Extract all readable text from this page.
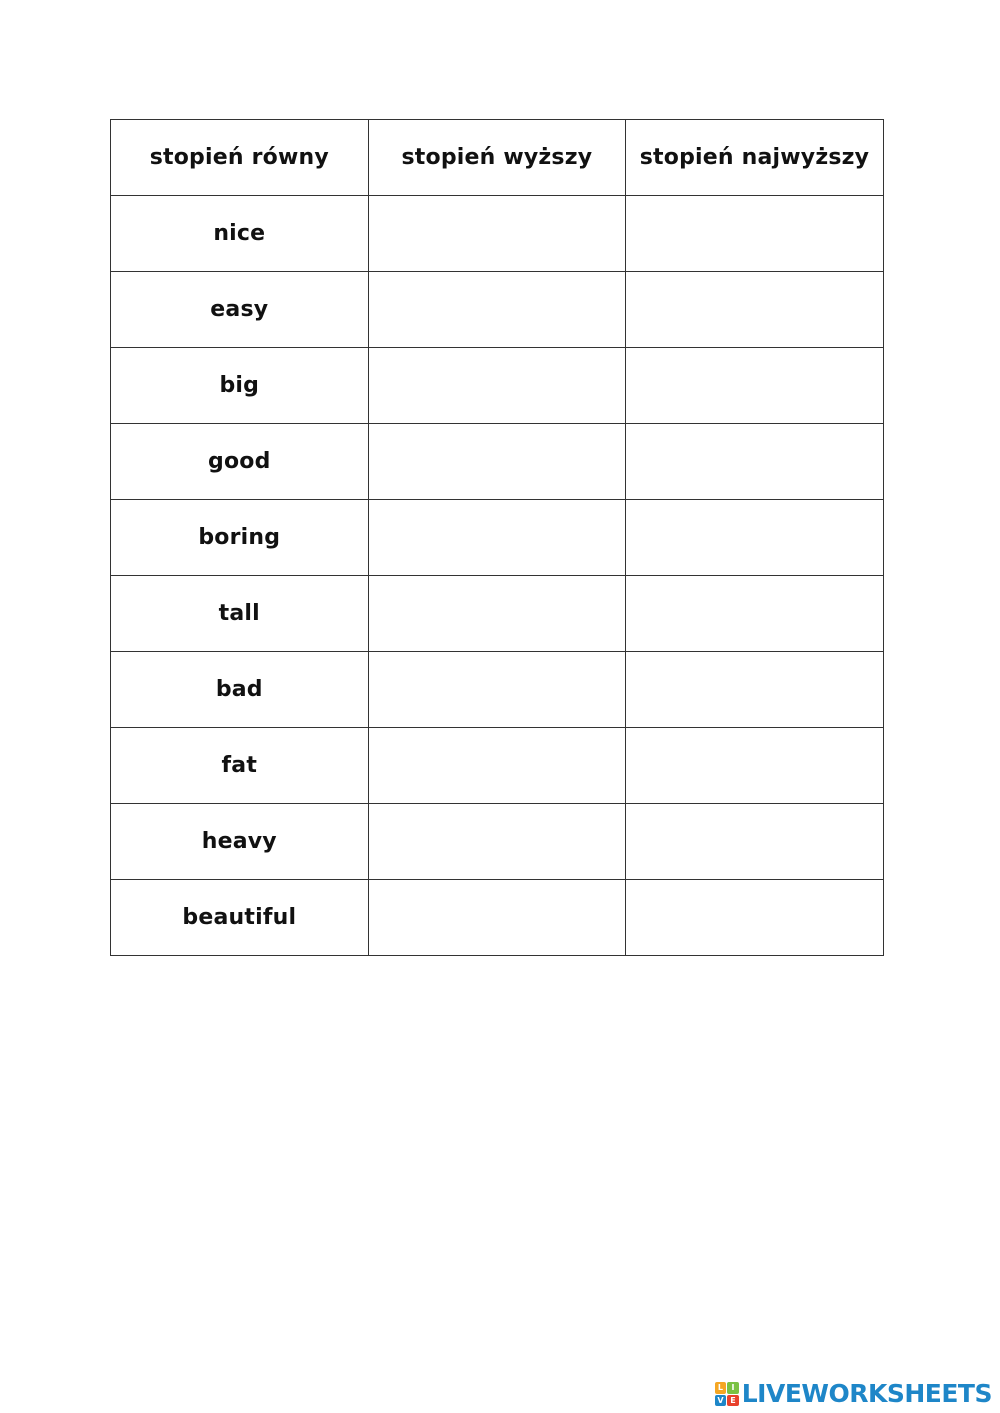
stopień równy	stopień wyższy	stopień najwyższy
nice		
easy		
big		
good		
boring		
tall		
bad		
fat		
heavy		
beautiful		
L	I
V E LIVEWORKSHEETS
